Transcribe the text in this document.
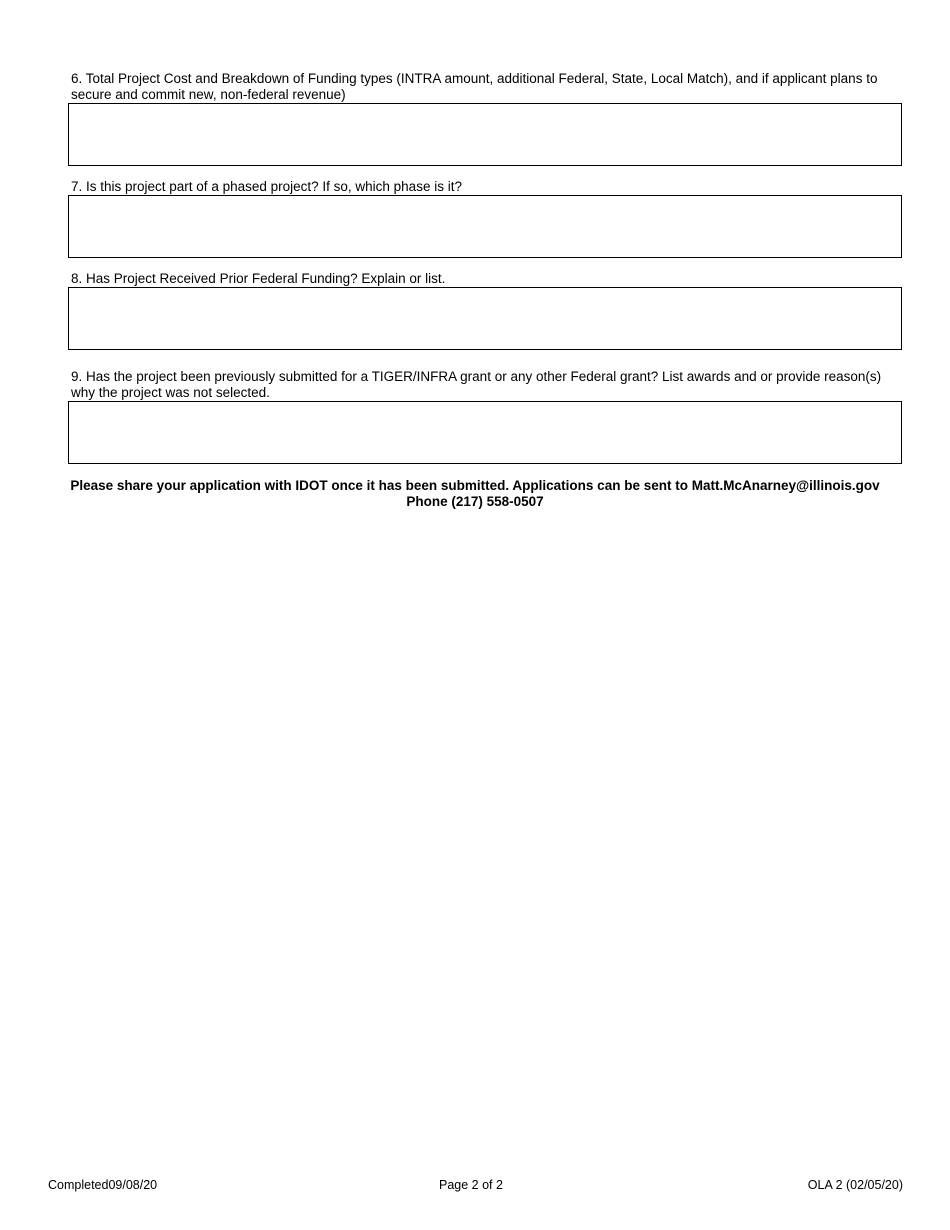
6. Total Project Cost and Breakdown of Funding types (INTRA amount, additional Federal, State, Local Match), and if applicant plans to secure and commit new, non-federal revenue)

7. Is this project part of a phased project? If so, which phase is it?

8. Has Project Received Prior Federal Funding? Explain or list.

9. Has the project been previously submitted for a TIGER/INFRA grant or any other Federal grant? List awards and or provide reason(s) why the project was not selected.

Please share your application with IDOT once it has been submitted. Applications can be sent to Matt.McAnarney@illinois.gov
Phone (217) 558-0507
Completed09/08/20	Page 2 of 2	OLA 2 (02/05/20)
